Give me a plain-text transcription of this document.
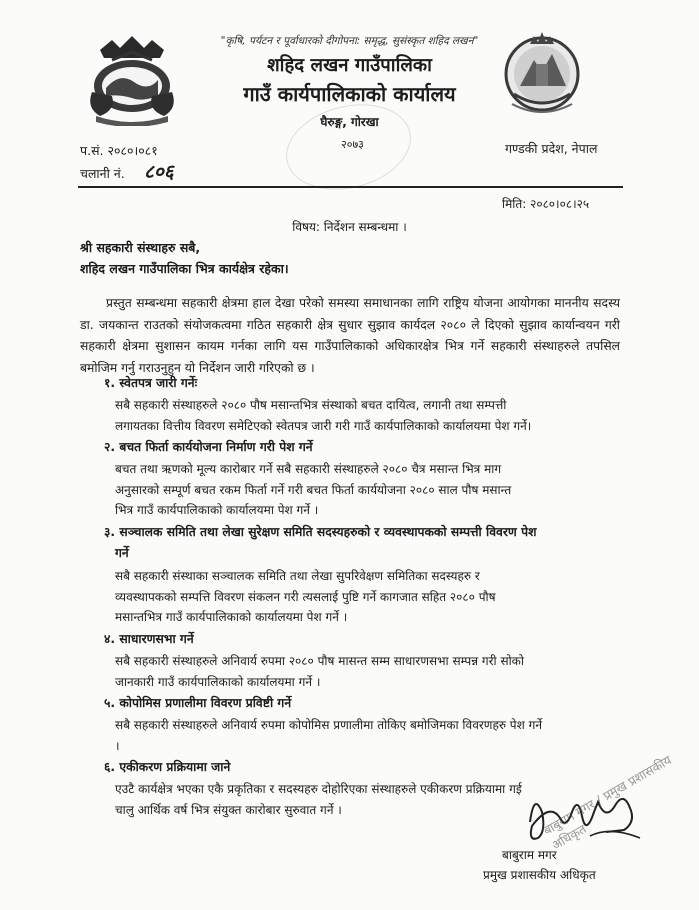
"कृषि, पर्यटन र पूर्वाधारको दीगोपना: समृद्ध, सुसंस्कृत शहिद लखन"
शहिद लखन गाउँपालिका
गाउँ कार्यपालिकाको कार्यालय
घैरुङ्ग, गोरखा
२०७३
प.सं. २०८०।०८१
चलानी नं. ८०६
गण्डकी प्रदेश, नेपाल
मिति: २०८०।०८।२५
विषय: निर्देशन सम्बन्धमा ।
श्री सहकारी संस्थाहरु सबै,
शहिद लखन गाउँपालिका भित्र कार्यक्षेत्र रहेका।
प्रस्तुत सम्बन्धमा सहकारी क्षेत्रमा हाल देखा परेको समस्या समाधानका लागि राष्ट्रिय योजना आयोगका माननीय सदस्य डा. जयकान्त राउतको संयोजकत्वमा गठित सहकारी क्षेत्र सुधार सुझाव कार्यदल २०८० ले दिएको सुझाव कार्यान्वयन गरी सहकारी क्षेत्रमा सुशासन कायम गर्नका लागि यस गाउँपालिकाको अधिकारक्षेत्र भित्र गर्ने सहकारी संस्थाहरुले तपसिल बमोजिम गर्नु गराउनुहुन यो निर्देशन जारी गरिएको छ ।
१. स्वेतपत्र जारी गर्नेः
सबै सहकारी संस्थाहरुले २०८० पौष मसान्तभित्र संस्थाको बचत दायित्व, लगानी तथा सम्पत्ती
लगायतका वित्तीय विवरण समेटिएको स्वेतपत्र जारी गरी गाउँ कार्यपालिकाको कार्यालयमा पेश गर्ने।
२. बचत फिर्ता कार्ययोजना निर्माण गरी पेश गर्ने
बचत तथा ऋणको मूल्य कारोबार गर्ने सबै सहकारी संस्थाहरुले २०८० चैत्र मसान्त भित्र माग
अनुसारको सम्पूर्ण बचत रकम फिर्ता गर्ने गरी बचत फिर्ता कार्ययोजना २०८० साल पौष मसान्त
भित्र गाउँ कार्यपालिकाको कार्यालयमा पेश गर्ने ।
३. सञ्चालक समिति तथा लेखा सुरेक्षण समिति सदस्यहरुको र व्यवस्थापकको सम्पत्ती विवरण पेश
गर्ने
सबै सहकारी संस्थाका सञ्चालक समिति तथा लेखा सुपरिवेक्षण समितिका सदस्यहरु र
व्यवस्थापकको सम्पत्ति विवरण संकलन गरी त्यसलाई पुष्टि गर्ने कागजात सहित २०८० पौष
मसान्तभित्र गाउँ कार्यपालिकाको कार्यालयमा पेश गर्ने ।
४. साधारणसभा गर्ने
सबै सहकारी संस्थाहरुले अनिवार्य रुपमा २०८० पौष मासन्त सम्म साधारणसभा सम्पन्न गरी सोको
जानकारी गाउँ कार्यपालिकाको कार्यालयमा गर्ने ।
५. कोपोमिस प्रणालीमा विवरण प्रविष्टी गर्ने
सबै सहकारी संस्थाहरुले अनिवार्य रुपमा कोपोमिस प्रणालीमा तोकिए बमोजिमका विवरणहरु पेश गर्ने
।
६. एकीकरण प्रक्रियामा जाने
एउटै कार्यक्षेत्र भएका एकै प्रकृतिका र सदस्यहरु दोहोरिएका संस्थाहरुले एकीकरण प्रक्रियामा गई
चालु आर्थिक वर्ष भित्र संयुक्त कारोबार सुरुवात गर्ने ।	बाबुराम मगर / प्रमुख प्रशासकीय अधिकृत
बाबुराम मगर
प्रमुख प्रशासकीय अधिकृत
